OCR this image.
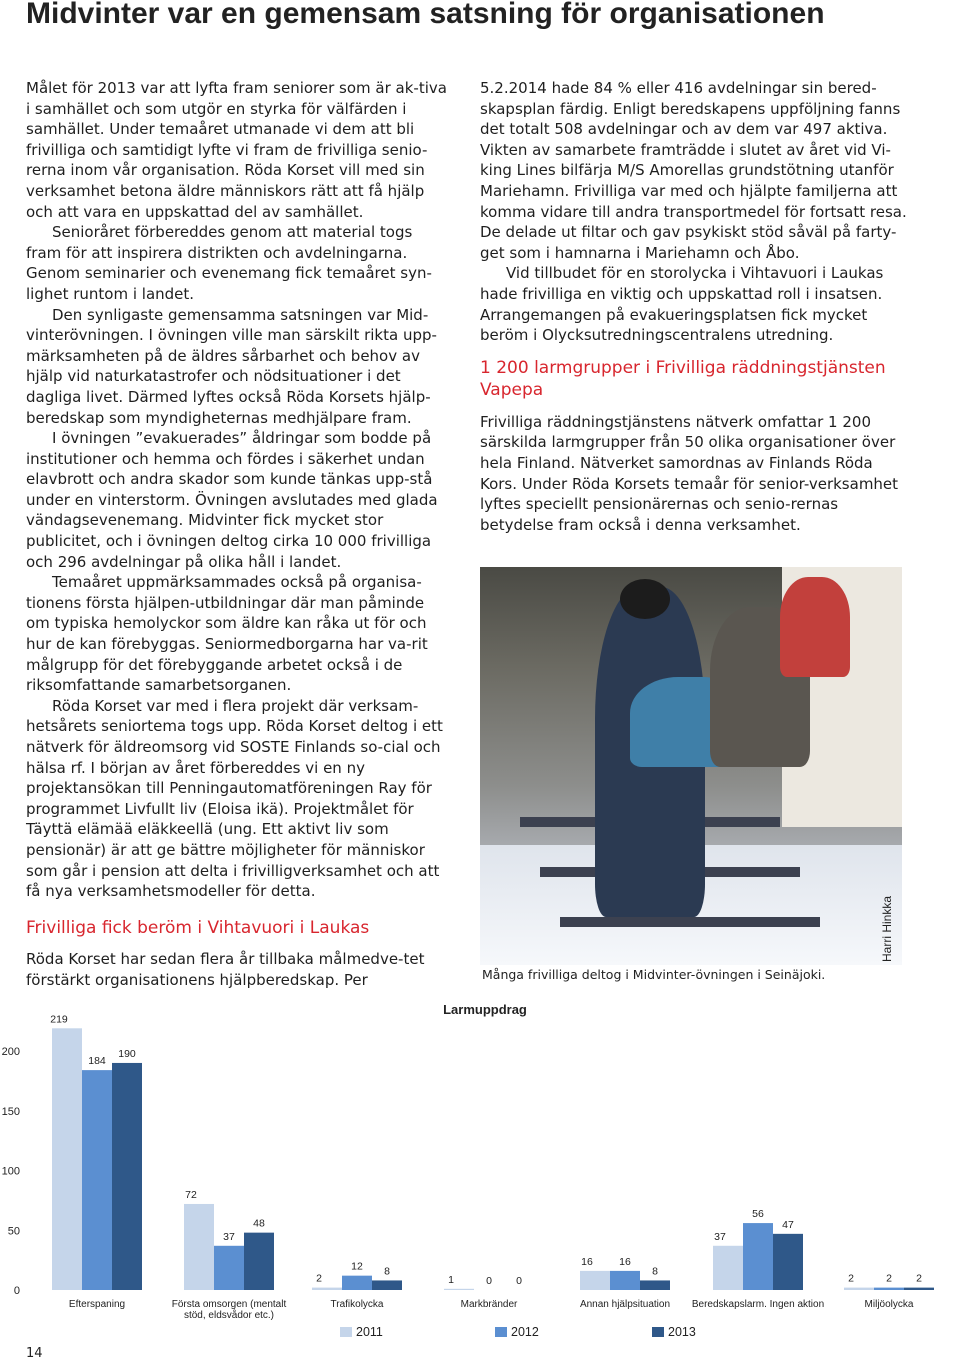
Midvinter var en gemensam satsning för organisationen

Målet för 2013 var att lyfta fram seniorer som är ak-tiva i samhället och som utgör en styrka för välfärden i samhället. Under temaåret utmanade vi dem att bli frivilliga och samtidigt lyfte vi fram de frivilliga senio-rerna inom vår organisation. Röda Korset vill med sin verksamhet betona äldre människors rätt att få hjälp och att vara en uppskattad del av samhället.

Senioråret förbereddes genom att material togs fram för att inspirera distrikten och avdelningarna. Genom seminarier och evenemang fick temaåret syn-lighet runtom i landet.

Den synligaste gemensamma satsningen var Mid-vinterövningen. I övningen ville man särskilt rikta upp-märksamheten på de äldres sårbarhet och behov av hjälp vid naturkatastrofer och nödsituationer i det dagliga livet. Därmed lyftes också Röda Korsets hjälp-beredskap som myndigheternas medhjälpare fram.

I övningen ”evakuerades” åldringar som bodde på institutioner och hemma och fördes i säkerhet undan elavbrott och andra skador som kunde tänkas upp-stå under en vinterstorm. Övningen avslutades med glada vändagsevenemang. Midvinter fick mycket stor publicitet, och i övningen deltog cirka 10 000 frivilliga och 296 avdelningar på olika håll i landet.

Temaåret uppmärksammades också på organisa-tionens första hjälpen-utbildningar där man påminde om typiska hemolyckor som äldre kan råka ut för och hur de kan förebyggas. Seniormedborgarna har va-rit målgrupp för det förebyggande arbetet också i de riksomfattande samarbetsorganen.

Röda Korset var med i flera projekt där verksam-hetsårets seniortema togs upp. Röda Korset deltog i ett nätverk för äldreomsorg vid SOSTE Finlands so-cial och hälsa rf. I början av året förbereddes vi en ny projektansökan till Penningautomatföreningen Ray för programmet Livfullt liv (Eloisa ikä). Projektmålet för Täyttä elämää eläkkeellä (ung. Ett aktivt liv som pensionär) är att ge bättre möjligheter för människor som går i pension att delta i frivilligverksamhet och att få nya verksamhetsmodeller för detta.

Frivilliga fick beröm i Vihtavuori i Laukas

Röda Korset har sedan flera år tillbaka målmedve-tet förstärkt organisationens hjälpberedskap. Per

5.2.2014 hade 84 % eller 416 avdelningar sin bered-skapsplan färdig. Enligt beredskapens uppföljning fanns det totalt 508 avdelningar och av dem var 497 aktiva. Vikten av samarbete framträdde i slutet av året vid Vi-king Lines bilfärja M/S Amorellas grundstötning utanför Mariehamn. Frivilliga var med och hjälpte familjerna att komma vidare till andra transportmedel för fortsatt resa. De delade ut filtar och gav psykiskt stöd såväl på farty-get som i hamnarna i Mariehamn och Åbo.

Vid tillbudet för en storolycka i Vihtavuori i Laukas hade frivilliga en viktig och uppskattad roll i insatsen. Arrangemangen på evakueringsplatsen fick mycket beröm i Olycksutredningscentralens utredning.

1 200 larmgrupper i Frivilliga räddningstjänsten Vapepa

Frivilliga räddningstjänstens nätverk omfattar 1 200 särskilda larmgrupper från 50 olika organisationer över hela Finland. Nätverket samordnas av Finlands Röda Kors. Under Röda Korsets temaår för senior-verksamhet lyftes speciellt pensionärernas och senio-rernas betydelse fram också i denna verksamhet.

Harri Hinkka
Många frivilliga deltog i Midvinter-övningen i Seinäjoki.
Larmuppdrag
0
50
100
150
200
219
184
190
Efterspaning
72
37
48
Första omsorgen (mentalt
stöd, eldsvådor etc.)
2
12 8
Trafikolycka
1	0 0
Markbränder
16	16
8
Annan hjälpsituation
37
56
47
Beredskapslarm. Ingen aktion
2	2 2
Miljöolycka
2011	2012	2013
14
